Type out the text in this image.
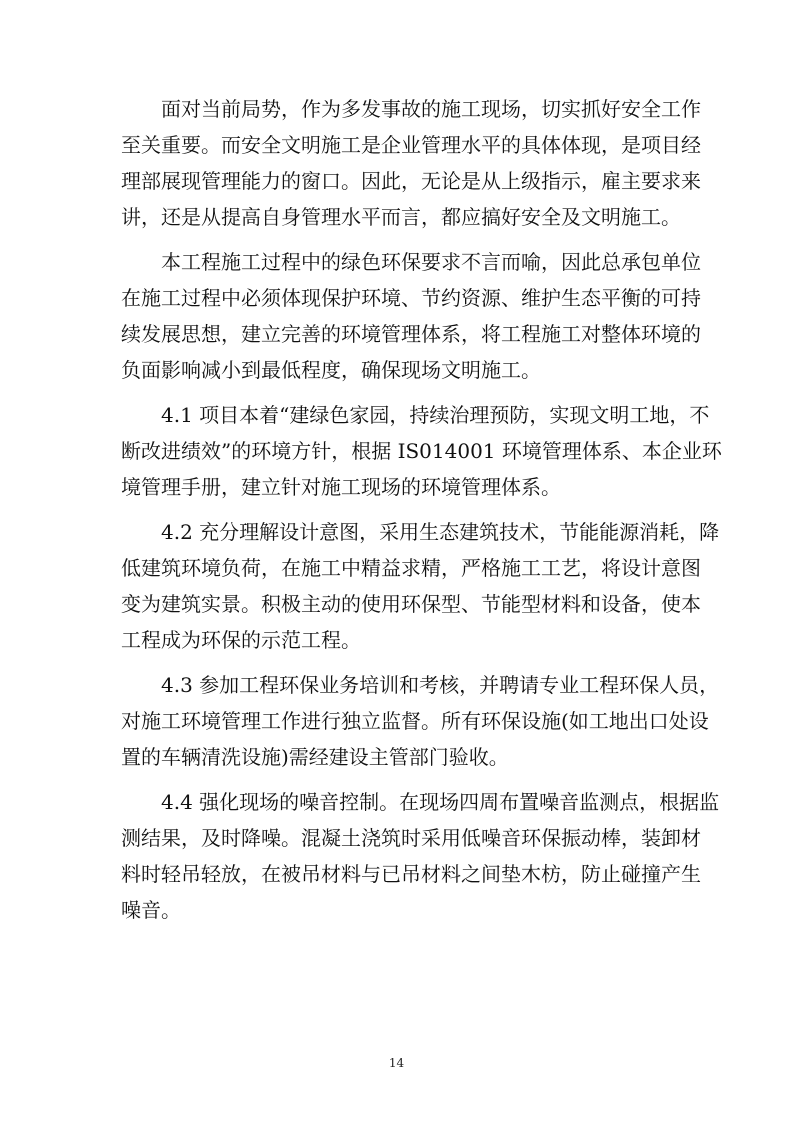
面对当前局势，作为多发事故的施工现场，切实抓好安全工作
至关重要。而安全文明施工是企业管理水平的具体体现，是项目经
理部展现管理能力的窗口。因此，无论是从上级指示，雇主要求来
讲，还是从提高自身管理水平而言，都应搞好安全及文明施工。
本工程施工过程中的绿色环保要求不言而喻，因此总承包单位
在施工过程中必须体现保护环境、节约资源、维护生态平衡的可持
续发展思想，建立完善的环境管理体系，将工程施工对整体环境的
负面影响减小到最低程度，确保现场文明施工。
4.1 项目本着“建绿色家园，持续治理预防，实现文明工地，不
断改进绩效”的环境方针，根据 IS014001 环境管理体系、本企业环
境管理手册，建立针对施工现场的环境管理体系。
4.2 充分理解设计意图，采用生态建筑技术，节能能源消耗，降
低建筑环境负荷，在施工中精益求精，严格施工工艺，将设计意图
变为建筑实景。积极主动的使用环保型、节能型材料和设备，使本
工程成为环保的示范工程。
4.3 参加工程环保业务培训和考核，并聘请专业工程环保人员，
对施工环境管理工作进行独立监督。所有环保设施(如工地出口处设
置的车辆清洗设施)需经建设主管部门验收。
4.4 强化现场的噪音控制。在现场四周布置噪音监测点，根据监
测结果，及时降噪。混凝土浇筑时采用低噪音环保振动棒，装卸材
料时轻吊轻放，在被吊材料与已吊材料之间垫木枋，防止碰撞产生
噪音。
14
